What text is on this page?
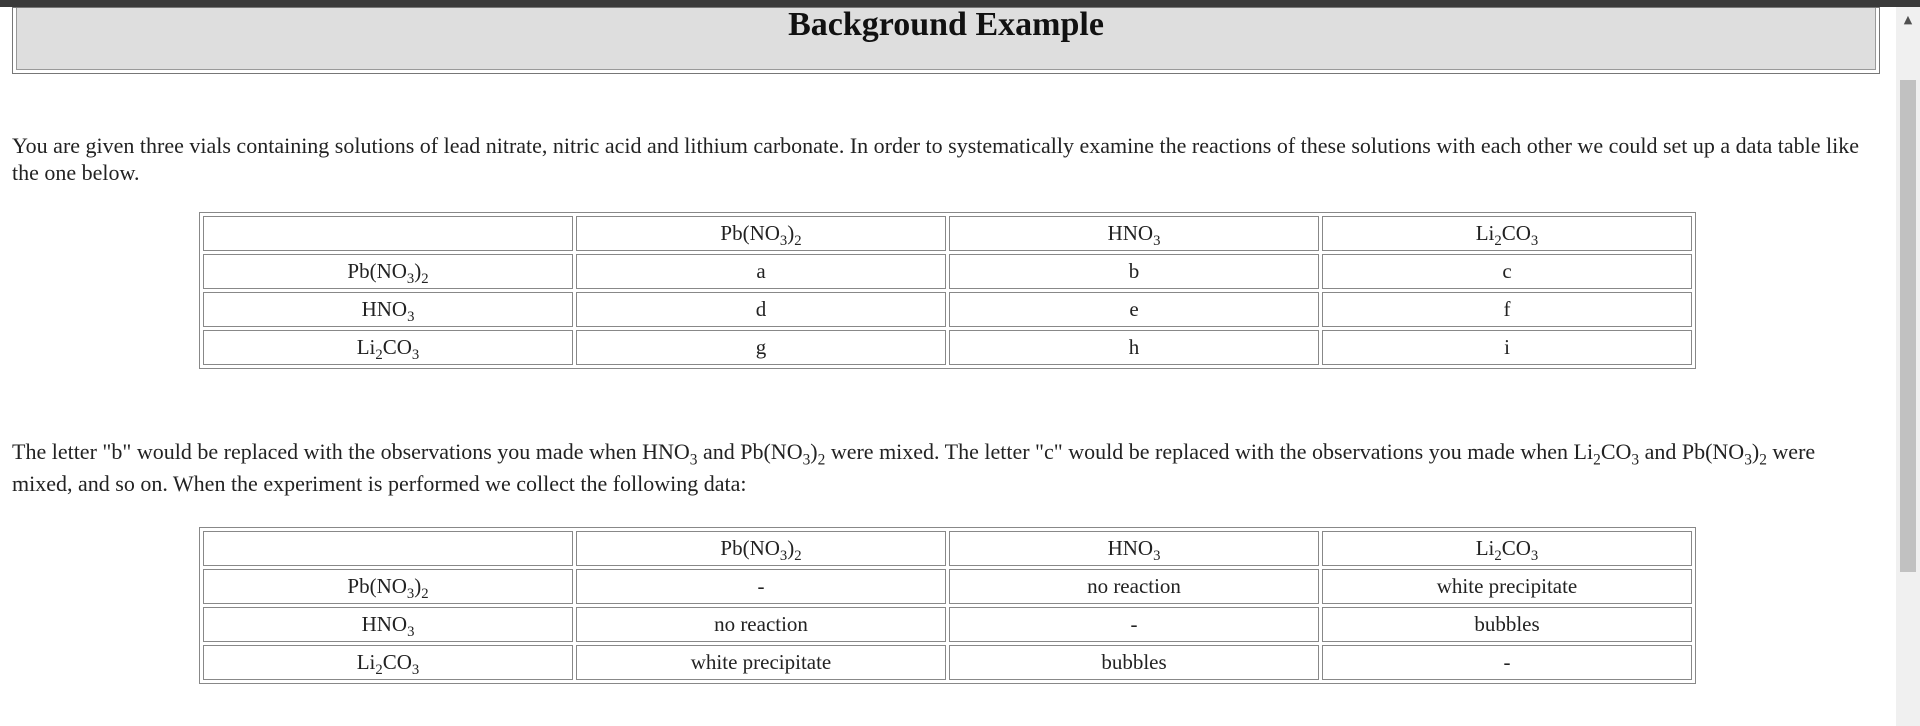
Background Example

You are given three vials containing solutions of lead nitrate, nitric acid and lithium carbonate. In order to systematically examine the reactions of these solutions with each other we could set up a data table like the one below.

	$Pb(NO_3)_2$	$HNO_3$	$Li_2CO_3$
$Pb(NO_3)_2$	a	b	c
$HNO_3$	d	e	f
$Li_2CO_3$	g	h	i

The letter "b" would be replaced with the observations you made when $HNO_3$ and $Pb(NO_3)_2$ were mixed. The letter "c" would be replaced with the observations you made when $Li_2CO_3$ and $Pb(NO_3)_2$ were mixed, and so on. When the experiment is performed we collect the following data:

	$Pb(NO_3)_2$	$HNO_3$	$Li_2CO_3$
$Pb(NO_3)_2$	-	no reaction	white precipitate
$HNO_3$	no reaction	-	bubbles
$Li_2CO_3$	white precipitate	bubbles	-
▲
